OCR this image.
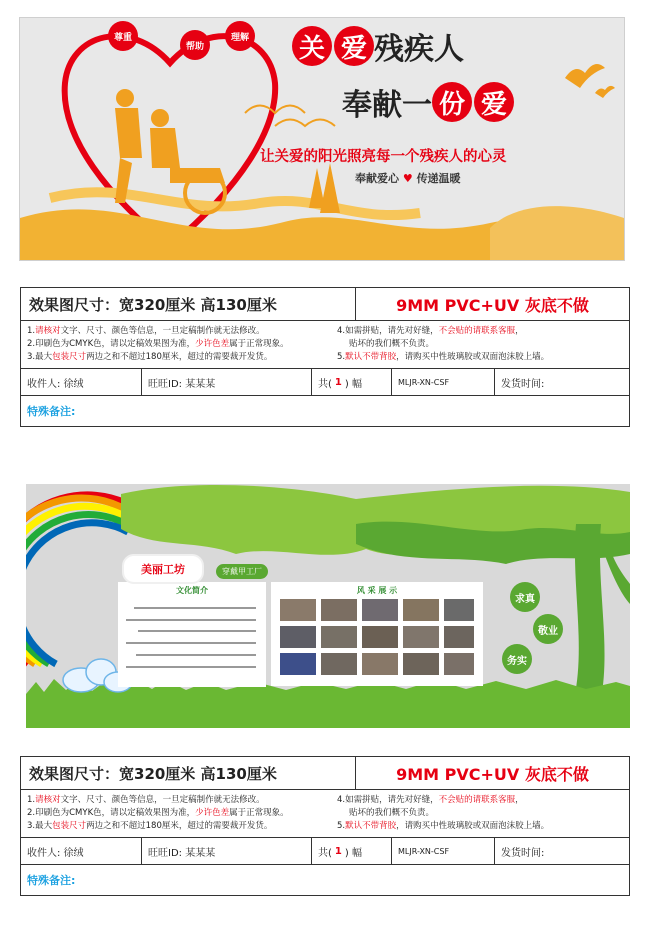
尊重
帮助
理解 关 爱 残疾人
奉献一 份 爱
让关爱的阳光照亮每一个残疾人的心灵
奉献爱心 ♥ 传递温暖
效果图尺寸：宽320厘米 高130厘米	9MM PVC+UV 灰底不做
1.请核对文字、尺寸、颜色等信息，一旦定稿制作就无法修改。
2.印刷色为CMYK色，请以定稿效果图为准，少许色差属于正常现象。
3.最大包装尺寸两边之和不超过180厘米，超过的需要裁开发货。
4.如需拼贴，请先对好缝，不会贴的请联系客服，
贴坏的我们概不负责。
5.默认不带背胶，请购买中性玻璃胶或双面泡沫胶上墙。
收件人: 徐绒	旺旺ID: 某某某	共( 1 ) 幅	MLJR-XN-CSF	发货时间:
特殊备注:
美丽工坊	穿戴甲工厂
文化简介	风 采 展 示
求真
敬业
务实
效果图尺寸：宽320厘米 高130厘米	9MM PVC+UV 灰底不做
1.请核对文字、尺寸、颜色等信息，一旦定稿制作就无法修改。
2.印刷色为CMYK色，请以定稿效果图为准，少许色差属于正常现象。
3.最大包装尺寸两边之和不超过180厘米，超过的需要裁开发货。
4.如需拼贴，请先对好缝，不会贴的请联系客服，
贴坏的我们概不负责。
5.默认不带背胶，请购买中性玻璃胶或双面泡沫胶上墙。
收件人: 徐绒	旺旺ID: 某某某	共( 1 ) 幅	MLJR-XN-CSF	发货时间:
特殊备注:
